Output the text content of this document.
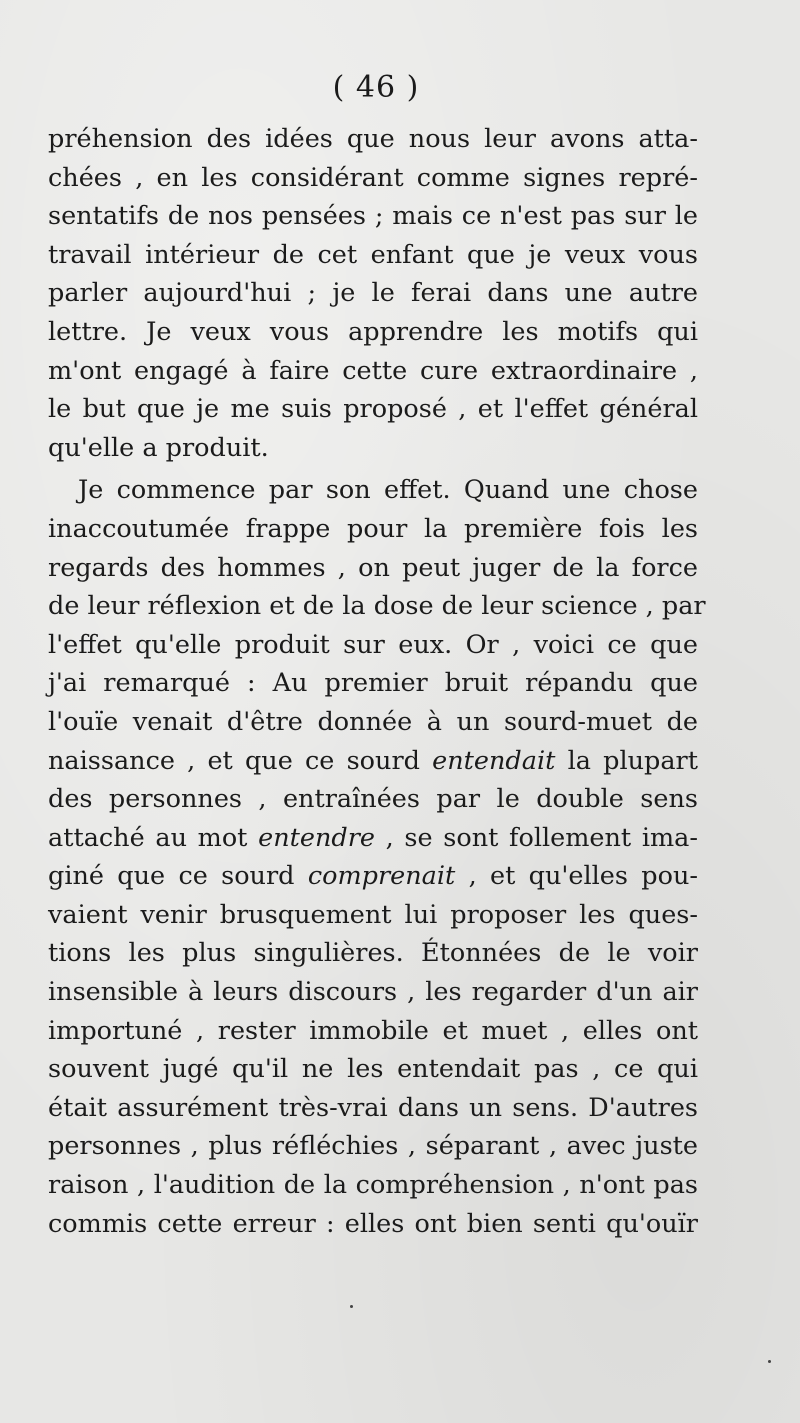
( 46 )
préhension des idées que nous leur avons atta-
chées , en les considérant comme signes repré-
sentatifs de nos pensées ; mais ce n'est pas sur le
travail intérieur de cet enfant que je veux vous
parler aujourd'hui ; je le ferai dans une autre
lettre. Je veux vous apprendre les motifs qui
m'ont engagé à faire cette cure extraordinaire ,
le but que je me suis proposé , et l'effet général
qu'elle a produit.
Je commence par son effet. Quand une chose
inaccoutumée frappe pour la première fois les
regards des hommes , on peut juger de la force
de leur réflexion et de la dose de leur science , par
l'effet qu'elle produit sur eux. Or , voici ce que
j'ai remarqué : Au premier bruit répandu que
l'ouïe venait d'être donnée à un sourd-muet de
naissance , et que ce sourd entendait la plupart
des personnes , entraînées par le double sens
attaché au mot entendre , se sont follement ima-
giné que ce sourd comprenait , et qu'elles pou-
vaient venir brusquement lui proposer les ques-
tions les plus singulières. Étonnées de le voir
insensible à leurs discours , les regarder d'un air
importuné , rester immobile et muet , elles ont
souvent jugé qu'il ne les entendait pas , ce qui
était assurément très-vrai dans un sens. D'autres
personnes , plus réfléchies , séparant , avec juste
raison , l'audition de la compréhension , n'ont pas
commis cette erreur : elles ont bien senti qu'ouïr
